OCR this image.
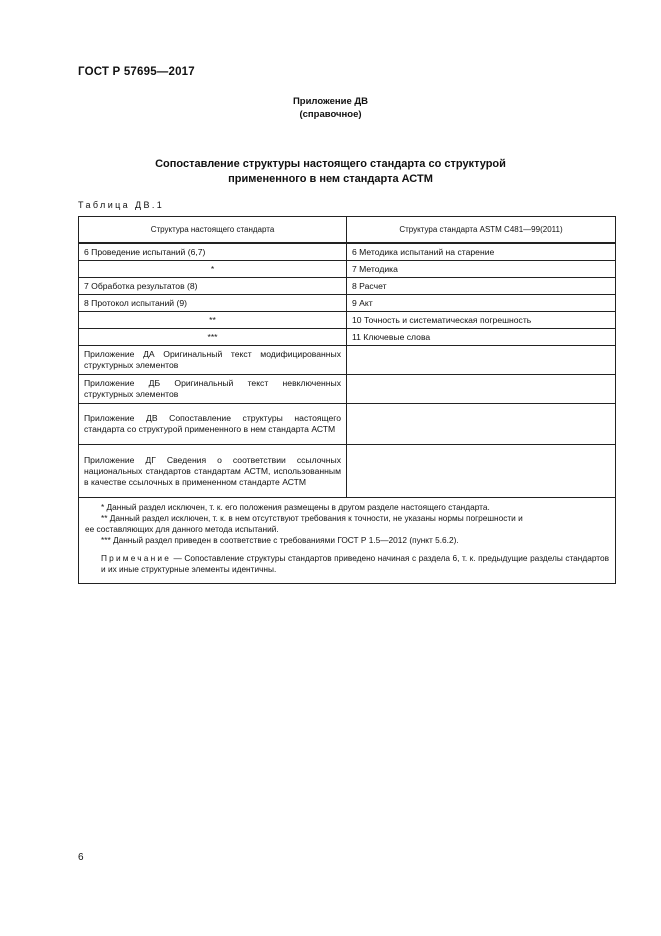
ГОСТ Р 57695—2017
Приложение ДВ
(справочное)
Сопоставление структуры настоящего стандарта со структурой
примененного в нем стандарта АСТМ
Таблица ДВ.1
Структура настоящего стандарта	Структура стандарта ASTM C481—99(2011)
6 Проведение испытаний (6,7)	6 Методика испытаний на старение
*	7 Методика
7 Обработка результатов (8)	8 Расчет
8 Протокол испытаний (9)	9 Акт
**	10 Точность и систематическая погрешность
***	11 Ключевые слова
Приложение ДА Оригинальный текст модифицированных структурных элементов	
Приложение ДБ Оригинальный текст невключенных структурных элементов	
Приложение ДВ Сопоставление структуры настоящего стандарта со структурой примененного в нем стандарта АСТМ	
Приложение ДГ Сведения о соответствии ссылочных национальных стандартов стандартам АСТМ, использованным в качестве ссылочных в примененном стандарте АСТМ	

* Данный раздел исключен, т. к. его положения размещены в другом разделе настоящего стандарта.

** Данный раздел исключен, т. к. в нем отсутствуют требования к точности, не указаны нормы погрешности и

ее составляющих для данного метода испытаний.

*** Данный раздел приведен в соответствие с требованиями ГОСТ Р 1.5—2012 (пункт 5.6.2).

Примечание — Сопоставление структуры стандартов приведено начиная с раздела 6, т. к. предыдущие разделы стандартов и их иные структурные элементы идентичны.	

6
